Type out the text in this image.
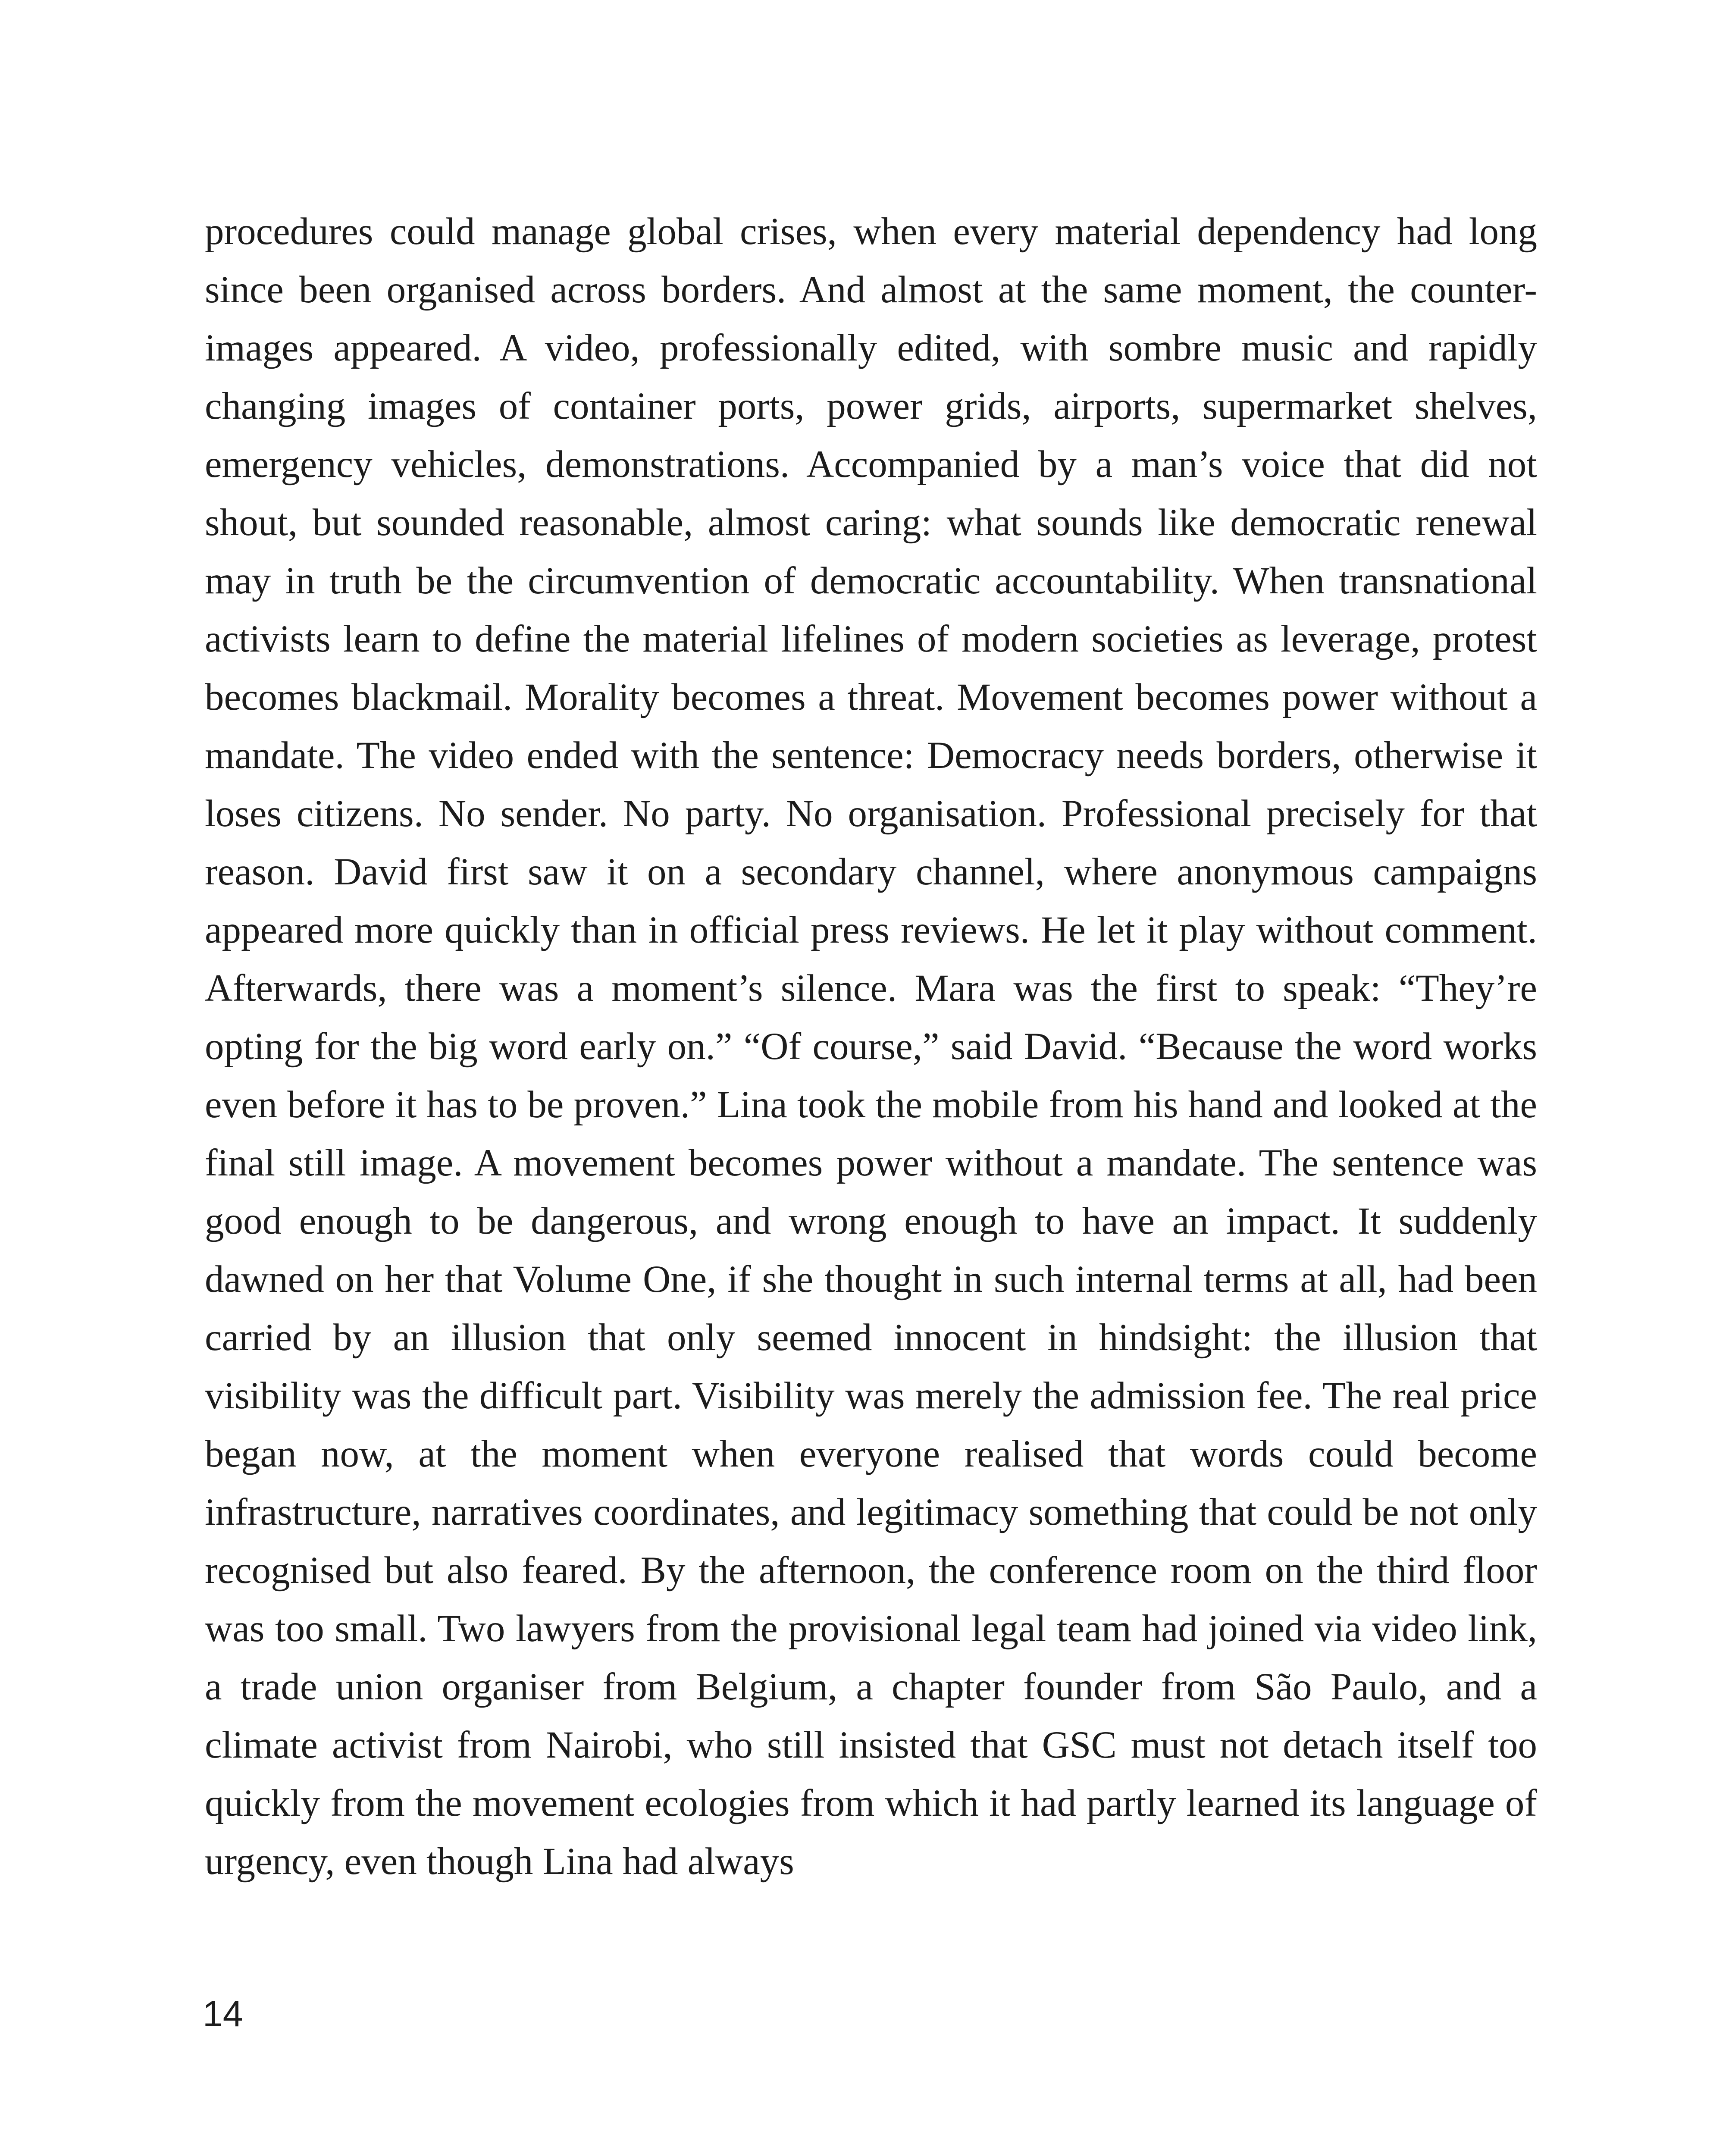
procedures could manage global crises, when every material dependency had long since been organised across borders. And almost at the same moment, the counter-images appeared. A video, professionally edited, with sombre music and rapidly changing images of container ports, power grids, airports, supermarket shelves, emergency vehicles, demonstrations. Accompanied by a man’s voice that did not shout, but sounded reasonable, almost caring: what sounds like democratic renewal may in truth be the circumvention of democratic accountability. When transnational activists learn to define the material lifelines of modern societies as leverage, protest becomes blackmail. Morality becomes a threat. Movement becomes power without a mandate. The video ended with the sentence: Democracy needs borders, otherwise it loses citizens. No sender. No party. No organisation. Professional precisely for that reason. David first saw it on a secondary channel, where anonymous campaigns appeared more quickly than in official press reviews. He let it play without comment. Afterwards, there was a moment’s silence. Mara was the first to speak: “They’re opting for the big word early on.” “Of course,” said David. “Because the word works even before it has to be proven.” Lina took the mobile from his hand and looked at the final still image. A movement becomes power without a mandate. The sentence was good enough to be dangerous, and wrong enough to have an impact. It suddenly dawned on her that Volume One, if she thought in such internal terms at all, had been carried by an illusion that only seemed innocent in hindsight: the illusion that visibility was the difficult part. Visibility was merely the admission fee. The real price began now, at the moment when everyone realised that words could become infrastructure, narratives coordinates, and legitimacy something that could be not only recognised but also feared. By the afternoon, the conference room on the third floor was too small. Two lawyers from the provisional legal team had joined via video link, a trade union organiser from Belgium, a chapter founder from São Paulo, and a climate activist from Nairobi, who still insisted that GSC must not detach itself too quickly from the movement ecologies from which it had partly learned its language of urgency, even though Lina had always

14
